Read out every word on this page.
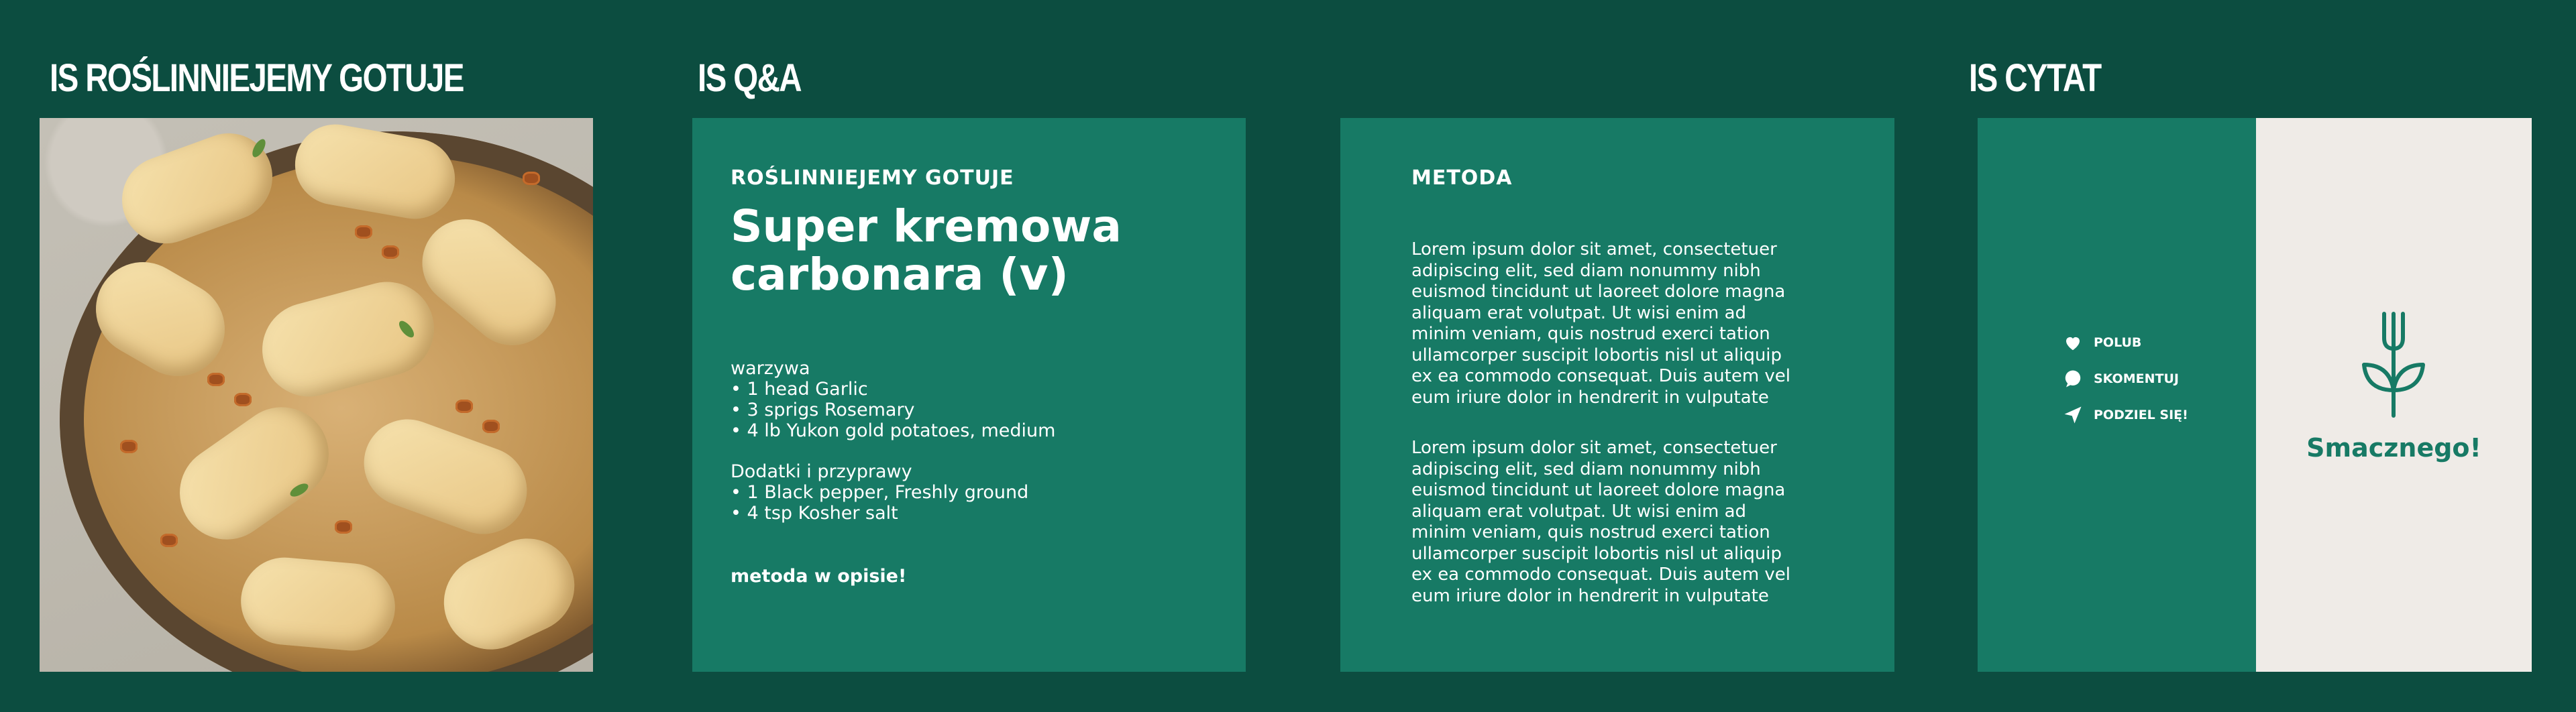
IS ROŚLINNIEJEMY GOTUJE	IS Q&A	IS CYTAT
ROŚLINNIEJEMY GOTUJE
Super kremowa
carbonara (v)
warzywa
• 1 head Garlic
• 3 sprigs Rosemary
• 4 lb Yukon gold potatoes, medium
Dodatki i przyprawy
• 1 Black pepper, Freshly ground
• 4 tsp Kosher salt
metoda w opisie!
METODA
Lorem ipsum dolor sit amet, consectetuer
adipiscing elit, sed diam nonummy nibh
euismod tincidunt ut laoreet dolore magna
aliquam erat volutpat. Ut wisi enim ad
minim veniam, quis nostrud exerci tation
ullamcorper suscipit lobortis nisl ut aliquip
ex ea commodo consequat. Duis autem vel
eum iriure dolor in hendrerit in vulputate
Lorem ipsum dolor sit amet, consectetuer
adipiscing elit, sed diam nonummy nibh
euismod tincidunt ut laoreet dolore magna
aliquam erat volutpat. Ut wisi enim ad
minim veniam, quis nostrud exerci tation
ullamcorper suscipit lobortis nisl ut aliquip
ex ea commodo consequat. Duis autem vel
eum iriure dolor in hendrerit in vulputate
POLUB
SKOMENTUJ
PODZIEL SIĘ!
Smacznego!
